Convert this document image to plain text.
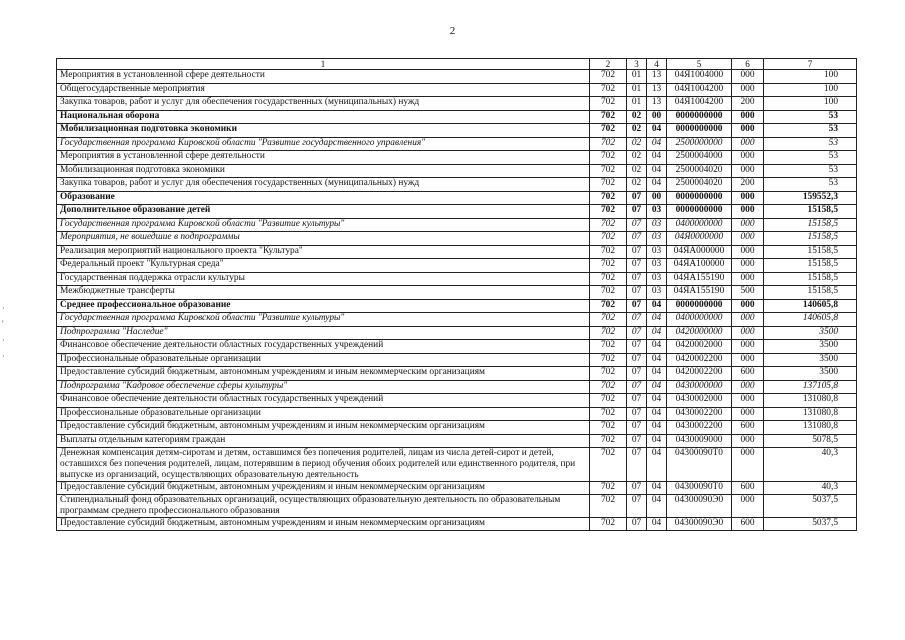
2
·
'
·
·
1	2	3	4	5	6	7
Мероприятия в установленной сфере деятельности	702	01	13	04Я1004000	000	100
Общегосударственные мероприятия	702	01	13	04Я1004200	000	100
Закупка товаров, работ и услуг для обеспечения государственных (муниципальных) нужд	702	01	13	04Я1004200	200	100
Национальная оборона	702	02	00	0000000000	000	53
Мобилизационная подготовка экономики	702	02	04	0000000000	000	53
Государственная программа Кировской области "Развитие государственного управления"	702	02	04	2500000000	000	53
Мероприятия в установленной сфере деятельности	702	02	04	2500004000	000	53
Мобилизационная подготовка экономики	702	02	04	2500004020	000	53
Закупка товаров, работ и услуг для обеспечения государственных (муниципальных) нужд	702	02	04	2500004020	200	53
Образование	702	07	00	0000000000	000	159552,3
Дополнительное образование детей	702	07	03	0000000000	000	15158,5
Государственная программа Кировской области "Развитие культуры"	702	07	03	0400000000	000	15158,5
Мероприятия, не вошедшие в подпрограммы	702	07	03	04Я0000000	000	15158,5
Реализация мероприятий национального проекта "Культура"	702	07	03	04ЯA000000	000	15158,5
Федеральный проект "Культурная среда"	702	07	03	04ЯA100000	000	15158,5
Государственная поддержка отрасли культуры	702	07	03	04ЯA155190	000	15158,5
Межбюджетные трансферты	702	07	03	04ЯA155190	500	15158,5
Среднее профессиональное образование	702	07	04	0000000000	000	140605,8
Государственная программа Кировской области "Развитие культуры"	702	07	04	0400000000	000	140605,8
Подпрограмма "Наследие"	702	07	04	0420000000	000	3500
Финансовое обеспечение деятельности областных государственных учреждений	702	07	04	0420002000	000	3500
Профессиональные образовательные организации	702	07	04	0420002200	000	3500
Предоставление субсидий бюджетным, автономным учреждениям и иным некоммерческим организациям	702	07	04	0420002200	600	3500
Подпрограмма "Кадровое обеспечение сферы культуры"	702	07	04	0430000000	000	137105,8
Финансовое обеспечение деятельности областных государственных учреждений	702	07	04	0430002000	000	131080,8
Профессиональные образовательные организации	702	07	04	0430002200	000	131080,8
Предоставление субсидий бюджетным, автономным учреждениям и иным некоммерческим организациям	702	07	04	0430002200	600	131080,8
Выплаты отдельным категориям граждан	702	07	04	0430009000	000	5078,5
Денежная компенсация детям-сиротам и детям, оставшимся без попечения родителей, лицам из числа детей-сирот и детей, оставшихся без попечения родителей, лицам, потерявшим в период обучения обоих родителей или единственного родителя, при выпуске из организаций, осуществляющих образовательную деятельность	702	07	04	04300090Т0	000	40,3
Предоставление субсидий бюджетным, автономным учреждениям и иным некоммерческим организациям	702	07	04	04300090Т0	600	40,3
Стипендиальный фонд образовательных организаций, осуществляющих образовательную деятельность по образовательным программам среднего профессионального образования	702	07	04	04300090Э0	000	5037,5
Предоставление субсидий бюджетным, автономным учреждениям и иным некоммерческим организациям	702	07	04	04300090Э0	600	5037,5
